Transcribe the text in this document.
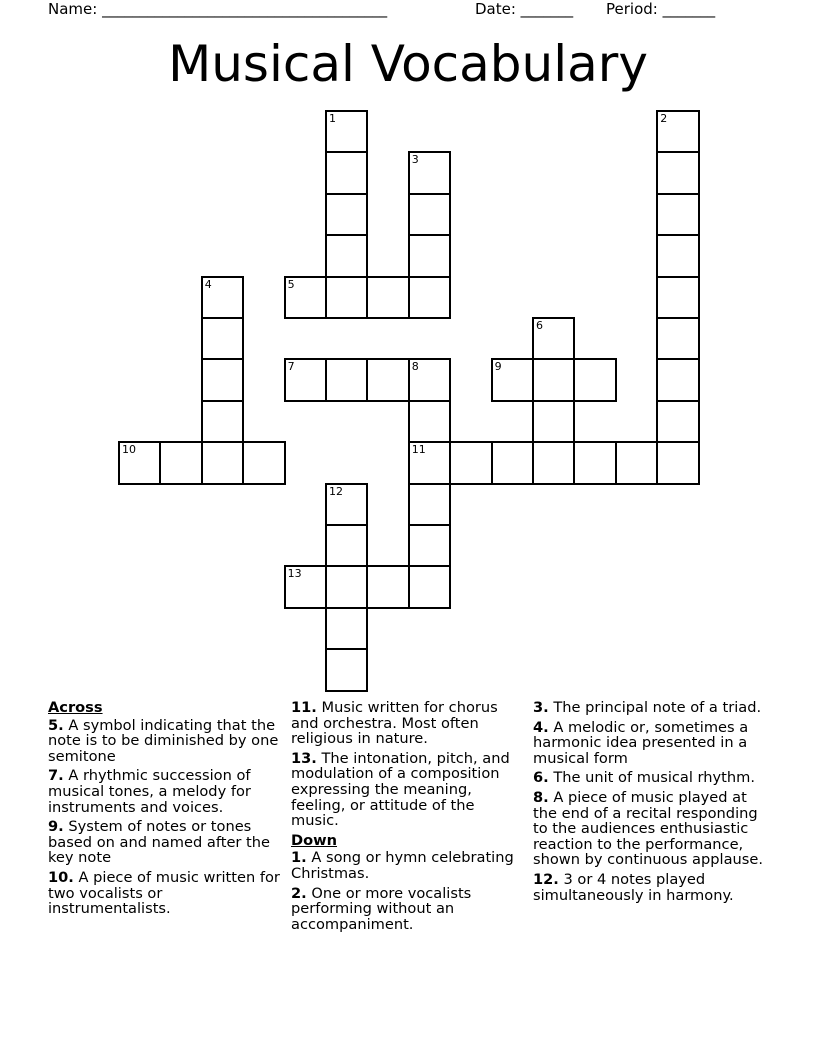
Name: ______________________________________	Date: _______ Period: _______
Musical Vocabulary
1	2
3
4	5
6
7	8	9
11
10
12
13
Across
5. A symbol indicating that the note is to be diminished by one semitone
7. A rhythmic succession of musical tones, a melody for instruments and voices.
9. System of notes or tones based on and named after the key note
10. A piece of music written for two vocalists or instrumentalists.
11. Music written for chorus and orchestra. Most often religious in nature.
13. The intonation, pitch, and modulation of a composition expressing the meaning, feeling, or attitude of the music.
Down
1. A song or hymn celebrating Christmas.
2. One or more vocalists performing without an accompaniment.
3. The principal note of a triad.
4. A melodic or, sometimes a harmonic idea presented in a musical form
6. The unit of musical rhythm.
8. A piece of music played at the end of a recital responding to the audiences enthusiastic reaction to the performance, shown by continuous applause.
12. 3 or 4 notes played simultaneously in harmony.
